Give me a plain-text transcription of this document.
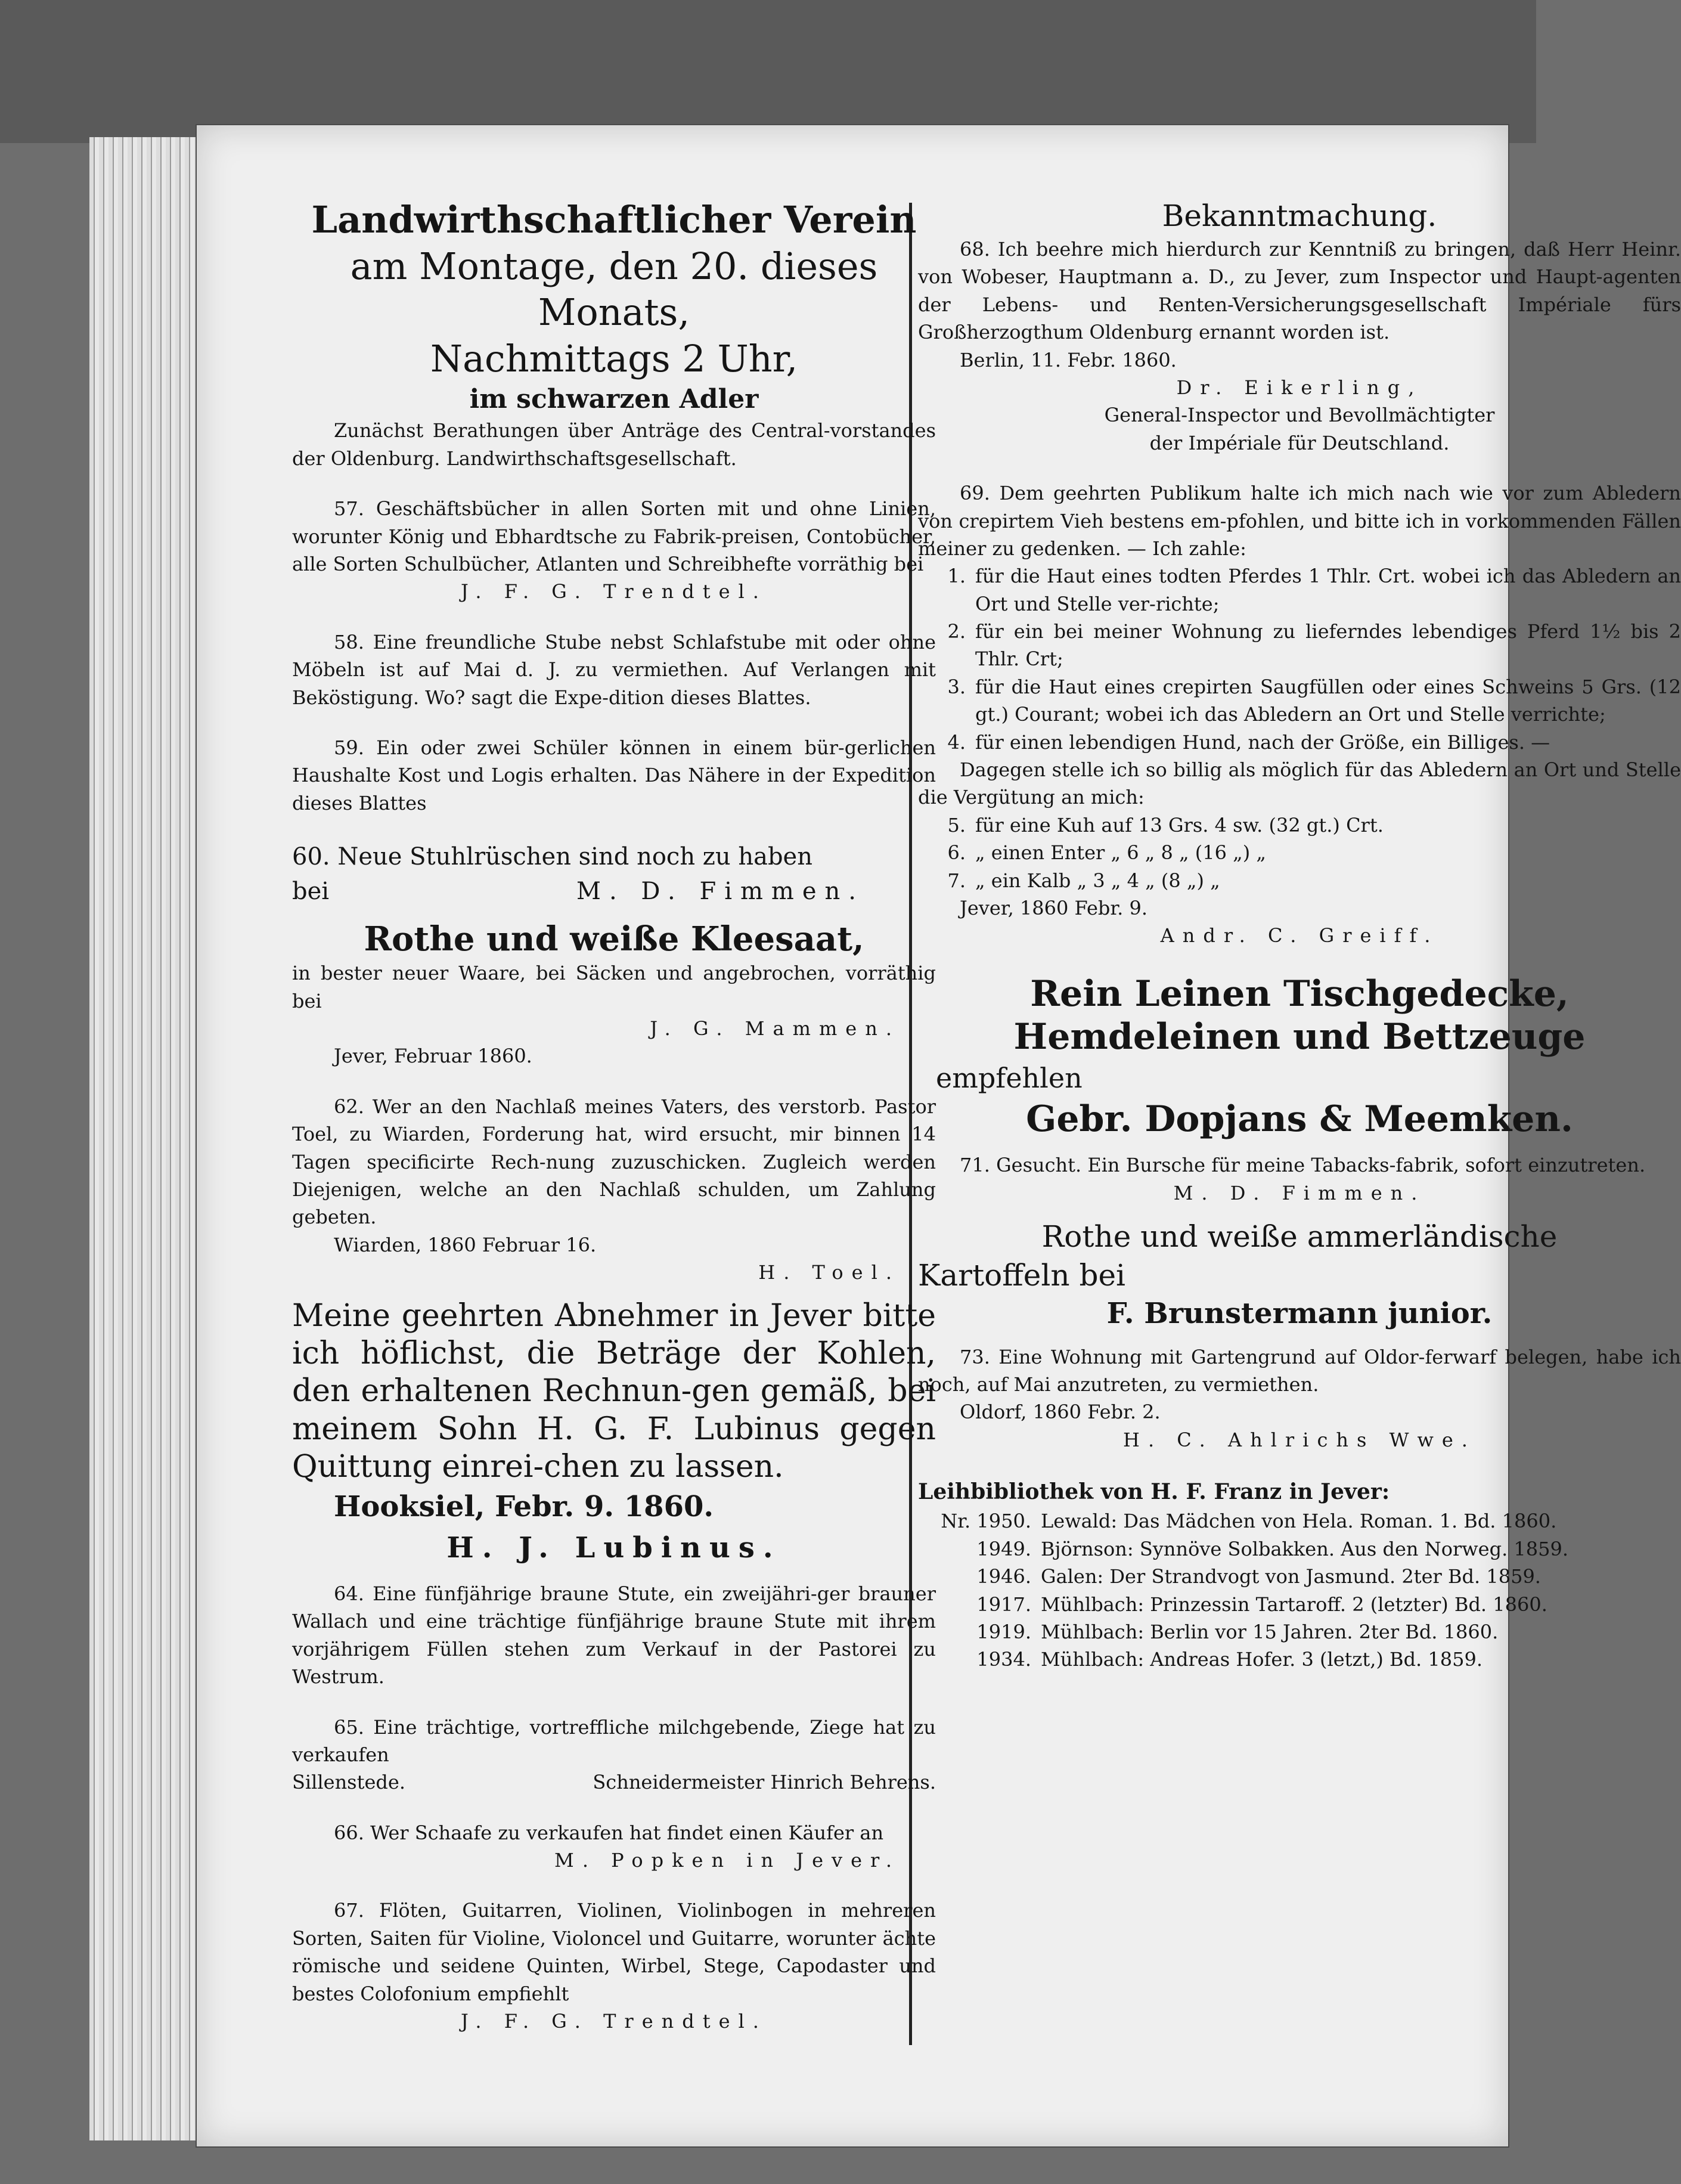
Landwirthschaftlicher Verein
am Montage, den 20. dieses Monats,
Nachmittags 2 Uhr,
im schwarzen Adler

Zunächst Berathungen über Anträge des Central-vorstandes der Oldenburg. Landwirthschaftsgesellschaft.

57. Geschäftsbücher in allen Sorten mit und ohne Linien, worunter König und Ebhardtsche zu Fabrik-preisen, Contobücher, alle Sorten Schulbücher, Atlanten und Schreibhefte vorräthig bei

J. F. G. Trendtel.

58. Eine freundliche Stube nebst Schlafstube mit oder ohne Möbeln ist auf Mai d. J. zu vermiethen. Auf Verlangen mit Beköstigung. Wo? sagt die Expe-dition dieses Blattes.

59. Ein oder zwei Schüler können in einem bür-gerlichen Haushalte Kost und Logis erhalten. Das Nähere in der Expedition dieses Blattes

60. Neue Stuhlrüschen sind noch zu haben

bei	M. D. Fimmen.
Rothe und weiße Kleesaat,

in bester neuer Waare, bei Säcken und angebrochen, vorräthig bei

J. G. Mammen.

Jever, Februar 1860.

62. Wer an den Nachlaß meines Vaters, des verstorb. Pastor Toel, zu Wiarden, Forderung hat, wird ersucht, mir binnen 14 Tagen specificirte Rech-nung zuzuschicken. Zugleich werden Diejenigen, welche an den Nachlaß schulden, um Zahlung gebeten.

Wiarden, 1860 Februar 16.

H. Toel.

Meine geehrten Abnehmer in Jever bitte ich höflichst, die Beträge der Kohlen, den erhaltenen Rechnun-gen gemäß, bei meinem Sohn H. G. F. Lubinus gegen Quittung einrei-chen zu lassen.

Hooksiel, Febr. 9. 1860.

H. J. Lubinus.

64. Eine fünfjährige braune Stute, ein zweijähri-ger brauner Wallach und eine trächtige fünfjährige braune Stute mit ihrem vorjährigem Füllen stehen zum Verkauf in der Pastorei zu Westrum.

65. Eine trächtige, vortreffliche milchgebende, Ziege hat zu verkaufen

Sillenstede.	Schneidermeister Hinrich Behrens.

66. Wer Schaafe zu verkaufen hat findet einen Käufer an

M. Popken in Jever.

67. Flöten, Guitarren, Violinen, Violinbogen in mehreren Sorten, Saiten für Violine, Violoncel und Guitarre, worunter ächte römische und seidene Quinten, Wirbel, Stege, Capodaster und bestes Colofonium empfiehlt

J. F. G. Trendtel.

Bekanntmachung.

68. Ich beehre mich hierdurch zur Kenntniß zu bringen, daß Herr Heinr. von Wobeser, Hauptmann a. D., zu Jever, zum Inspector und Haupt-agenten der Lebens- und Renten-Versicherungsgesellschaft Impériale fürs Großherzogthum Oldenburg ernannt worden ist.

Berlin, 11. Febr. 1860.

Dr. Eikerling,

General-Inspector und Bevollmächtigter

der Impériale für Deutschland.

69. Dem geehrten Publikum halte ich mich nach wie vor zum Abledern von crepirtem Vieh bestens em-pfohlen, und bitte ich in vorkommenden Fällen meiner zu gedenken. — Ich zahle:

1. für die Haut eines todten Pferdes 1 Thlr. Crt. wobei ich das Abledern an Ort und Stelle ver-richte;
2. für ein bei meiner Wohnung zu lieferndes lebendiges Pferd 1½ bis 2 Thlr. Crt;
3. für die Haut eines crepirten Saugfüllen oder eines Schweins 5 Grs. (12 gt.) Courant; wobei ich das Abledern an Ort und Stelle verrichte;
4. für einen lebendigen Hund, nach der Größe, ein Billiges. —

Dagegen stelle ich so billig als möglich für das Abledern an Ort und Stelle die Vergütung an mich:

5. für eine Kuh auf 13 Grs. 4 sw. (32 gt.) Crt.
6. „ einen Enter „ 6 „ 8 „ (16 „) „
7. „ ein Kalb „ 3 „ 4 „ (8 „) „

Jever, 1860 Febr. 9.

Andr. C. Greiff.

Rein Leinen Tischgedecke,
Hemdeleinen und Bettzeuge

empfehlen

Gebr. Dopjans & Meemken.

71. Gesucht. Ein Bursche für meine Tabacks-fabrik, sofort einzutreten.

M. D. Fimmen.

Rothe und weiße ammerländische
Kartoffeln bei
F. Brunstermann junior.

73. Eine Wohnung mit Gartengrund auf Oldor-ferwarf belegen, habe ich noch, auf Mai anzutreten, zu vermiethen.

Oldorf, 1860 Febr. 2.

H. C. Ahlrichs Wwe.

Leihbibliothek von H. F. Franz in Jever:

Nr. 1950. Lewald: Das Mädchen von Hela. Roman. 1. Bd. 1860.
1949. Björnson: Synnöve Solbakken. Aus den Norweg. 1859.
1946. Galen: Der Strandvogt von Jasmund. 2ter Bd. 1859.
1917. Mühlbach: Prinzessin Tartaroff. 2 (letzter) Bd. 1860.
1919. Mühlbach: Berlin vor 15 Jahren. 2ter Bd. 1860.
1934. Mühlbach: Andreas Hofer. 3 (letzt,) Bd. 1859.
